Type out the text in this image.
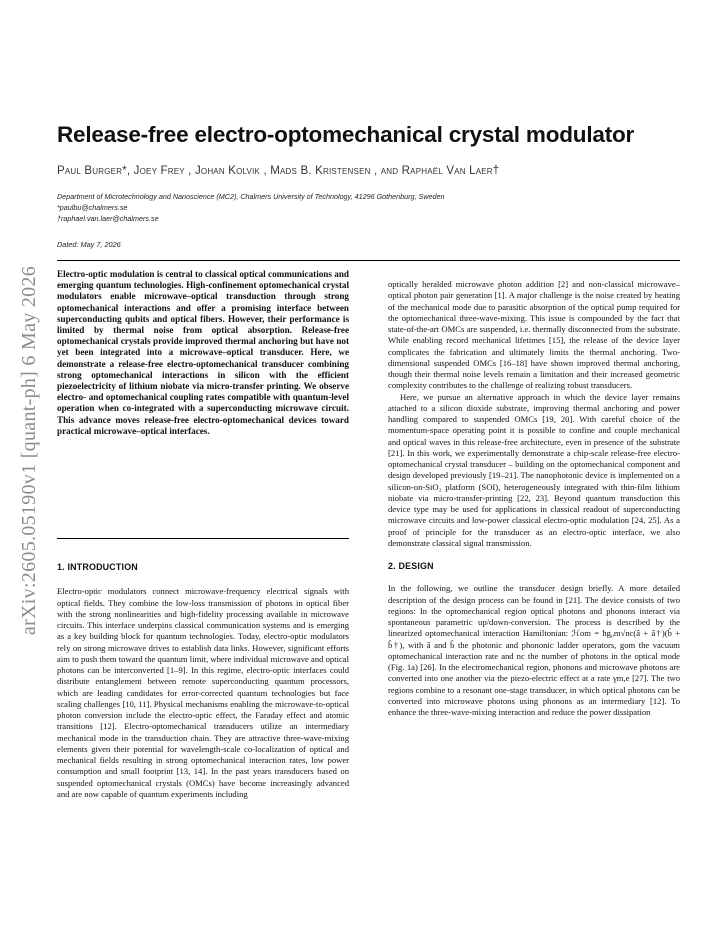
arXiv:2605.05190v1 [quant-ph] 6 May 2026
Release-free electro-optomechanical crystal modulator
Paul Burger*, Joey Frey , Johan Kolvik , Mads B. Kristensen , and Raphaël Van Laer†
Department of Microtechnology and Nanoscience (MC2), Chalmers University of Technology, 41296 Gothenburg, Sweden
*paulbu@chalmers.se
†raphael.van.laer@chalmers.se
Dated: May 7, 2026
Electro-optic modulation is central to classical optical communications and emerging quantum technologies. High-confinement optomechanical crystal modulators enable microwave–optical transduction through strong optomechanical interactions and offer a promising interface between superconducting qubits and optical fibers. However, their performance is limited by thermal noise from optical absorption. Release-free optomechanical crystals provide improved thermal anchoring but have not yet been integrated into a microwave–optical transducer. Here, we demonstrate a release-free electro-optomechanical transducer combining strong optomechanical interactions in silicon with the efficient piezoelectricity of lithium niobate via micro-transfer printing. We observe electro- and optomechanical coupling rates compatible with quantum-level operation when co-integrated with a superconducting microwave circuit. This advance moves release-free electro-optomechanical devices toward practical microwave–optical interfaces.
1. INTRODUCTION

Electro-optic modulators connect microwave-frequency electrical signals with optical fields. They combine the low-loss transmission of photons in optical fiber with the strong nonlinearities and high-fidelity processing available in microwave circuits. This interface underpins classical communication systems and is emerging as a key building block for quantum technologies. Today, electro-optic modulators rely on strong microwave drives to establish data links. However, significant efforts aim to push them toward the quantum limit, where individual microwave and optical photons can be interconverted [1–9]. In this regime, electro-optic interfaces could distribute entanglement between remote superconducting quantum processors, which are leading candidates for error-corrected quantum technologies but face scaling challenges [10, 11]. Physical mechanisms enabling the microwave-to-optical photon conversion include the electro-optic effect, the Faraday effect and atomic transitions [12]. Electro-optomechanical transducers utilize an intermediary mechanical mode in the transduction chain. They are attractive three-wave-mixing elements given their potential for wavelength-scale co-localization of optical and mechanical fields resulting in strong optomechanical interaction rates, low power consumption and small footprint [13, 14]. In the past years transducers based on suspended optomechanical crystals (OMCs) have become increasingly advanced and are now capable of quantum experiments including

optically heralded microwave photon addition [2] and non-classical microwave–optical photon pair generation [1]. A major challenge is the noise created by heating of the mechanical mode due to parasitic absorption of the optical pump required for the optomechanical three-wave-mixing. This issue is compounded by the fact that state-of-the-art OMCs are suspended, i.e. thermally disconnected from the substrate. While enabling record mechanical lifetimes [15], the release of the device layer complicates the fabrication and ultimately limits the thermal anchoring. Two-dimensional suspended OMCs [16–18] have shown improved thermal anchoring, though their thermal noise levels remain a limitation and their increased geometric complexity contributes to the challenge of realizing robust transducers.

Here, we pursue an alternative approach in which the device layer remains attached to a silicon dioxide substrate, improving thermal anchoring and power handling compared to suspended OMCs [19, 20]. With careful choice of the momentum-space operating point it is possible to confine and couple mechanical and optical waves in this release-free architecture, even in presence of the substrate [21]. In this work, we experimentally demonstrate a chip-scale release-free electro-optomechanical crystal transducer – building on the optomechanical component and design developed previously [19–21]. The nanophotonic device is implemented on a silicon-on-SiO₂ platform (SOI), heterogeneously integrated with thin-film lithium niobate via micro-transfer-printing [22, 23]. Beyond quantum transduction this device type may be used for applications in classical readout of superconducting microwave circuits and low-power classical electro-optic modulation [24, 25]. As a proof of principle for the transducer as an electro-optic interface, we also demonstrate classical signal transmission.

2. DESIGN

In the following, we outline the transducer design briefly. A more detailed description of the design process can be found in [21]. The device consists of two regions: In the optomechanical region optical photons and phonons interact via spontaneous parametric up/down-conversion. The process is described by the linearized optomechanical interaction Hamiltonian: ℋom = ħg₀m√nc(â + â†)(b̂ + b̂†), with â and b̂ the photonic and phononic ladder operators, gom the vacuum optomechanical interaction rate and nc the number of photons in the optical mode (Fig. 1a) [26]. In the electromechanical region, phonons and microwave photons are converted into one another via the piezo-electric effect at a rate γm,e [27]. The two regions combine to a resonant one-stage transducer, in which optical photons can be converted into microwave photons using phonons as an intermediary [12]. To enhance the three-wave-mixing interaction and reduce the power dissipation
